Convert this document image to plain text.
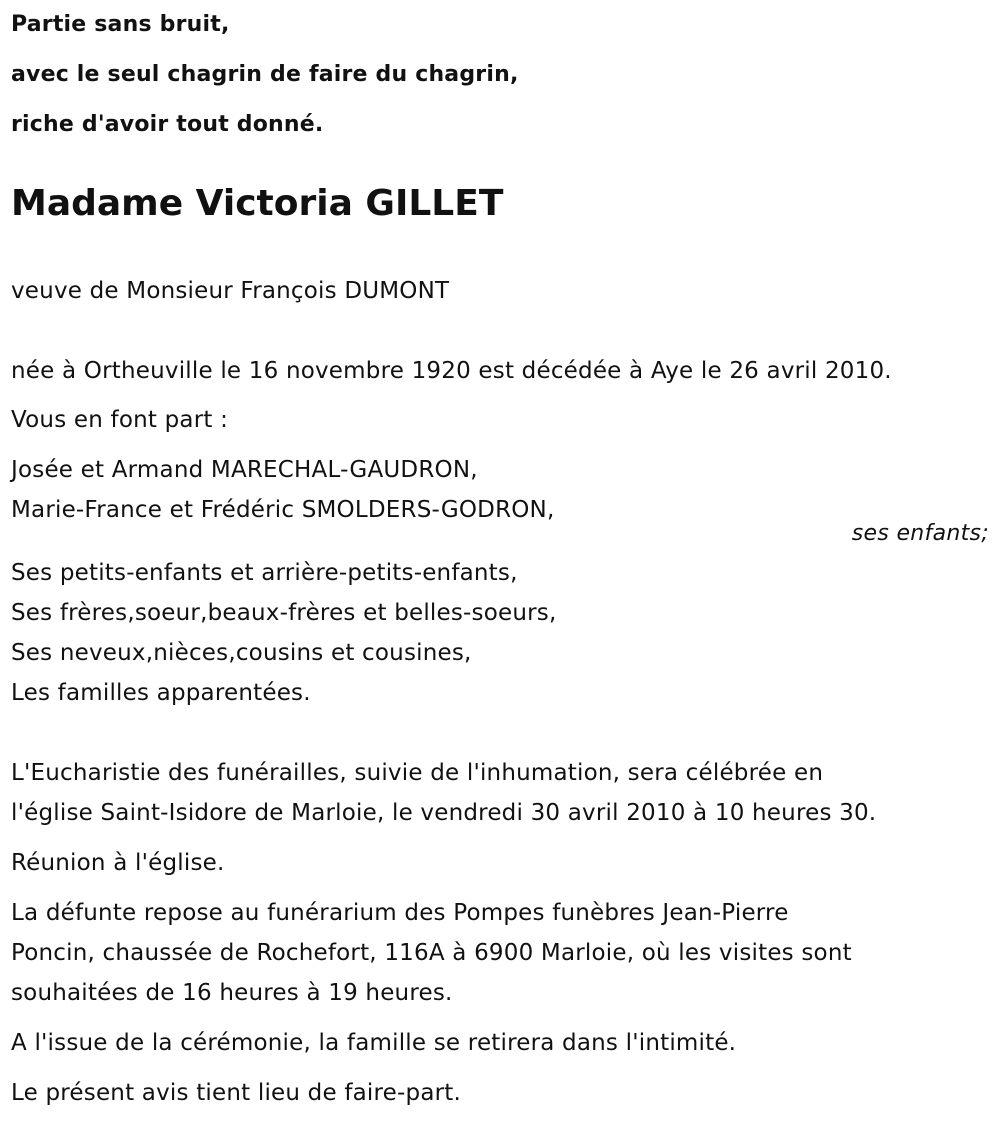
Partie sans bruit,
avec le seul chagrin de faire du chagrin,
riche d'avoir tout donné.
Madame Victoria GILLET
veuve de Monsieur François DUMONT
née à Ortheuville le 16 novembre 1920 est décédée à Aye le 26 avril 2010.
Vous en font part :
Josée et Armand MARECHAL-GAUDRON,
Marie-France et Frédéric SMOLDERS-GODRON,
Ses petits-enfants et arrière-petits-enfants,
Ses frères,soeur,beaux-frères et belles-soeurs,
Ses neveux,nièces,cousins et cousines,
Les familles apparentées.
L'Eucharistie des funérailles, suivie de l'inhumation, sera célébrée en
l'église Saint-Isidore de Marloie, le vendredi 30 avril 2010 à 10 heures 30.
Réunion à l'église.
La défunte repose au funérarium des Pompes funèbres Jean-Pierre
Poncin, chaussée de Rochefort, 116A à 6900 Marloie, où les visites sont
souhaitées de 16 heures à 19 heures.
A l'issue de la cérémonie, la famille se retirera dans l'intimité.
Le présent avis tient lieu de faire-part.
ses enfants;
